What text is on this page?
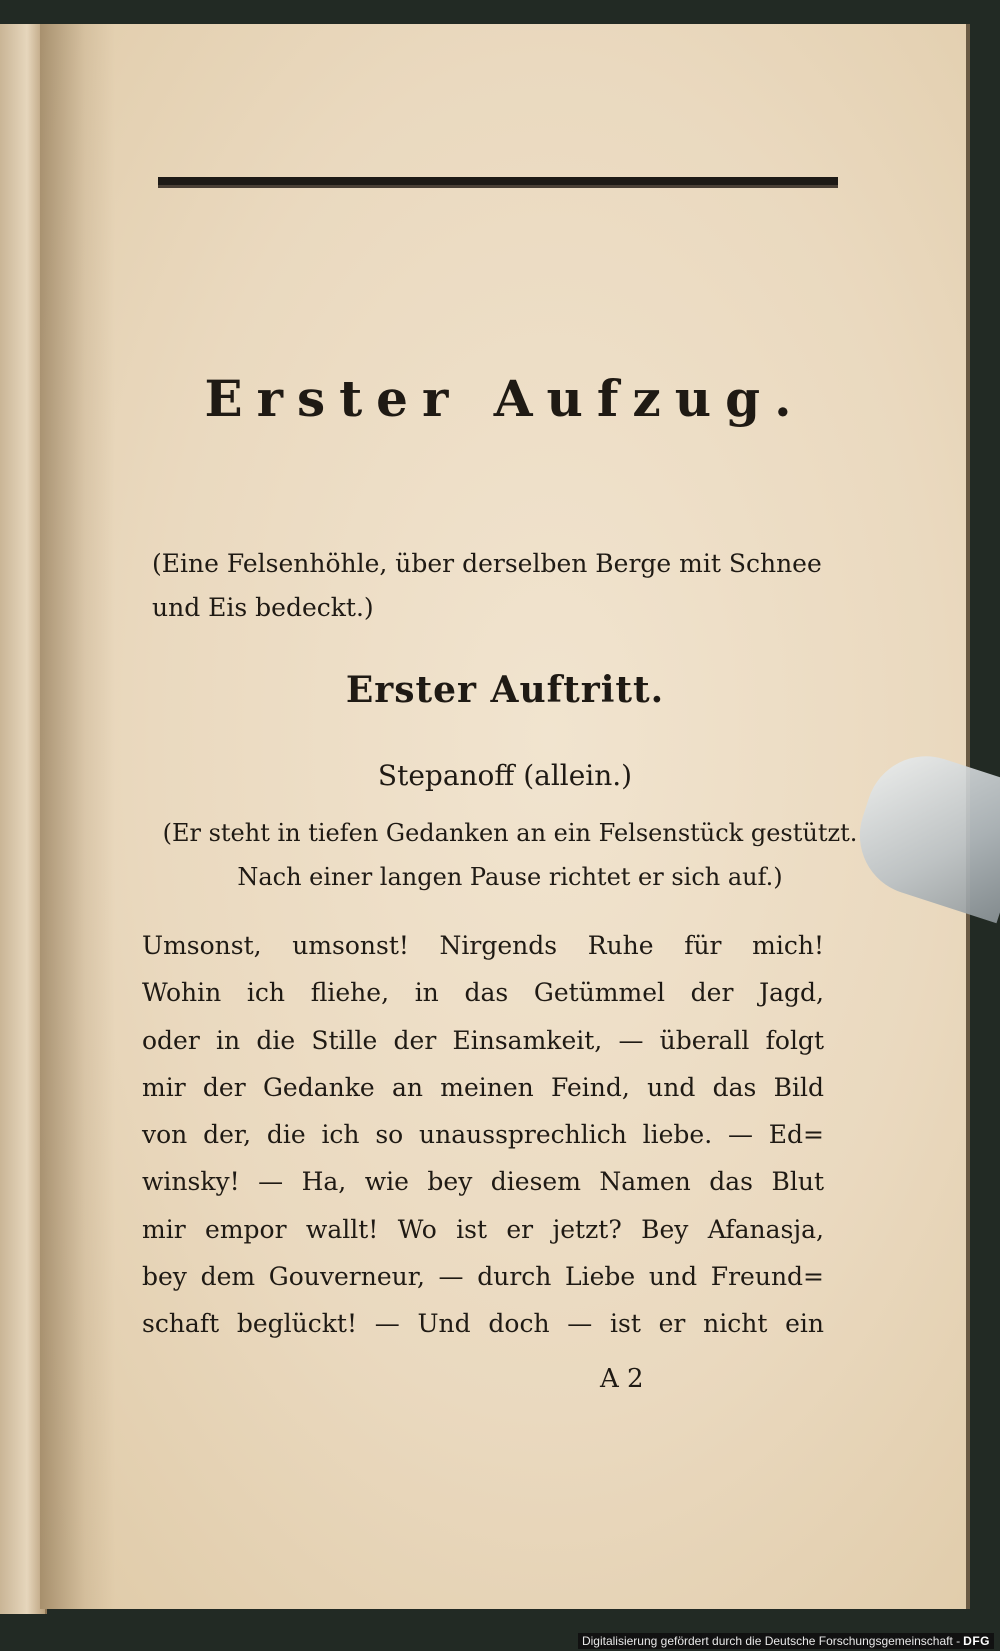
Erster Aufzug.
(Eine Felsenhöhle, über derselben Berge mit Schnee
und Eis bedeckt.)
Erster Auftritt.
Stepanoff (allein.)
(Er steht in tiefen Gedanken an ein Felsenstück gestützt.
Nach einer langen Pause richtet er sich auf.)
Umsonst, umsonst! Nirgends Ruhe für mich!
Wohin ich fliehe, in das Getümmel der Jagd,
oder in die Stille der Einsamkeit, — überall folgt
mir der Gedanke an meinen Feind, und das Bild
von der, die ich so unaussprechlich liebe. — Ed=
winsky! — Ha, wie bey diesem Namen das Blut
mir empor wallt! Wo ist er jetzt? Bey Afanasja,
bey dem Gouverneur, — durch Liebe und Freund=
schaft beglückt! — Und doch — ist er nicht ein
A 2
Digitalisierung gefördert durch die Deutsche Forschungsgemeinschaft - DFG
